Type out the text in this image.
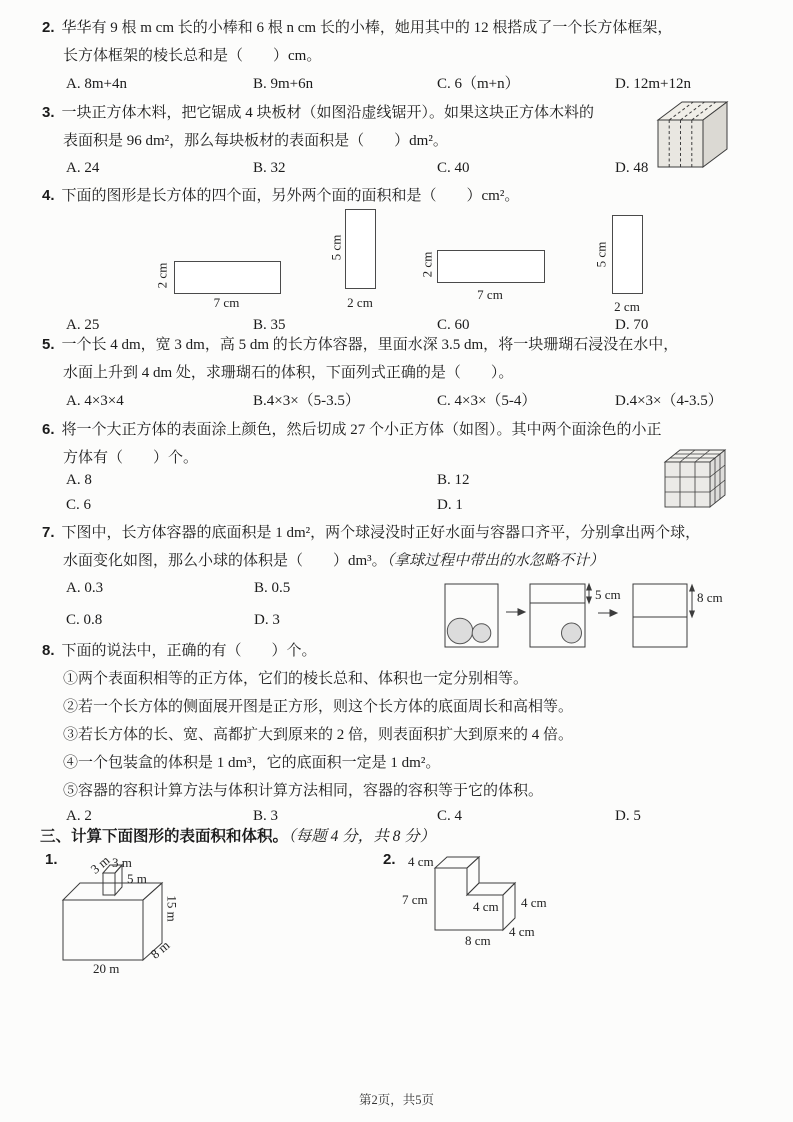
2. 华华有 9 根 m cm 长的小棒和 6 根 n cm 长的小棒，她用其中的 12 根搭成了一个长方体框架，
长方体框架的棱长总和是（　　）cm。
A. 8m+4n	B. 9m+6n	C. 6（m+n）	D. 12m+12n
3. 一块正方体木料，把它锯成 4 块板材（如图沿虚线锯开）。如果这块正方体木料的
表面积是 96 dm²，那么每块板材的表面积是（　　）dm²。
A. 24	B. 32	C. 40	D. 48
4. 下面的图形是长方体的四个面，另外两个面的面积和是（　　）cm²。
2 cm
7 cm
5 cm
2 cm
2 cm
7 cm
5 cm
2 cm
A. 25	B. 35	C. 60	D. 70
5. 一个长 4 dm，宽 3 dm，高 5 dm 的长方体容器，里面水深 3.5 dm，将一块珊瑚石浸没在水中，
水面上升到 4 dm 处，求珊瑚石的体积，下面列式正确的是（　　）。
A. 4×3×4	B.4×3×（5-3.5）	C. 4×3×（5-4）	D.4×3×（4-3.5）
6. 将一个大正方体的表面涂上颜色，然后切成 27 个小正方体（如图）。其中两个面涂色的小正
方体有（　　）个。
A. 8	B. 12
C. 6	D. 1
7. 下图中，长方体容器的底面积是 1 dm²，两个球浸没时正好水面与容器口齐平，分别拿出两个球，
水面变化如图，那么小球的体积是（　　）dm³。（拿球过程中带出的水忽略不计）
A. 0.3	B. 0.5
C. 0.8	D. 3
5 cm	8 cm
8. 下面的说法中，正确的有（　　）个。
①两个表面积相等的正方体，它们的棱长总和、体积也一定分别相等。
②若一个长方体的侧面展开图是正方形，则这个长方体的底面周长和高相等。
③若长方体的长、宽、高都扩大到原来的 2 倍，则表面积扩大到原来的 4 倍。
④一个包装盒的体积是 1 dm³，它的底面积一定是 1 dm²。
⑤容器的容积计算方法与体积计算方法相同，容器的容积等于它的体积。
A. 2	B. 3	C. 4	D. 5
三、计算下面图形的表面积和体积。（每题 4 分，共 8 分）
1.	3 m 3 m
5 m
15 m
8 m
20 m
2. 4 cm
7 cm	4 cm 4 cm
4 cm
8 cm
第2页，共5页
